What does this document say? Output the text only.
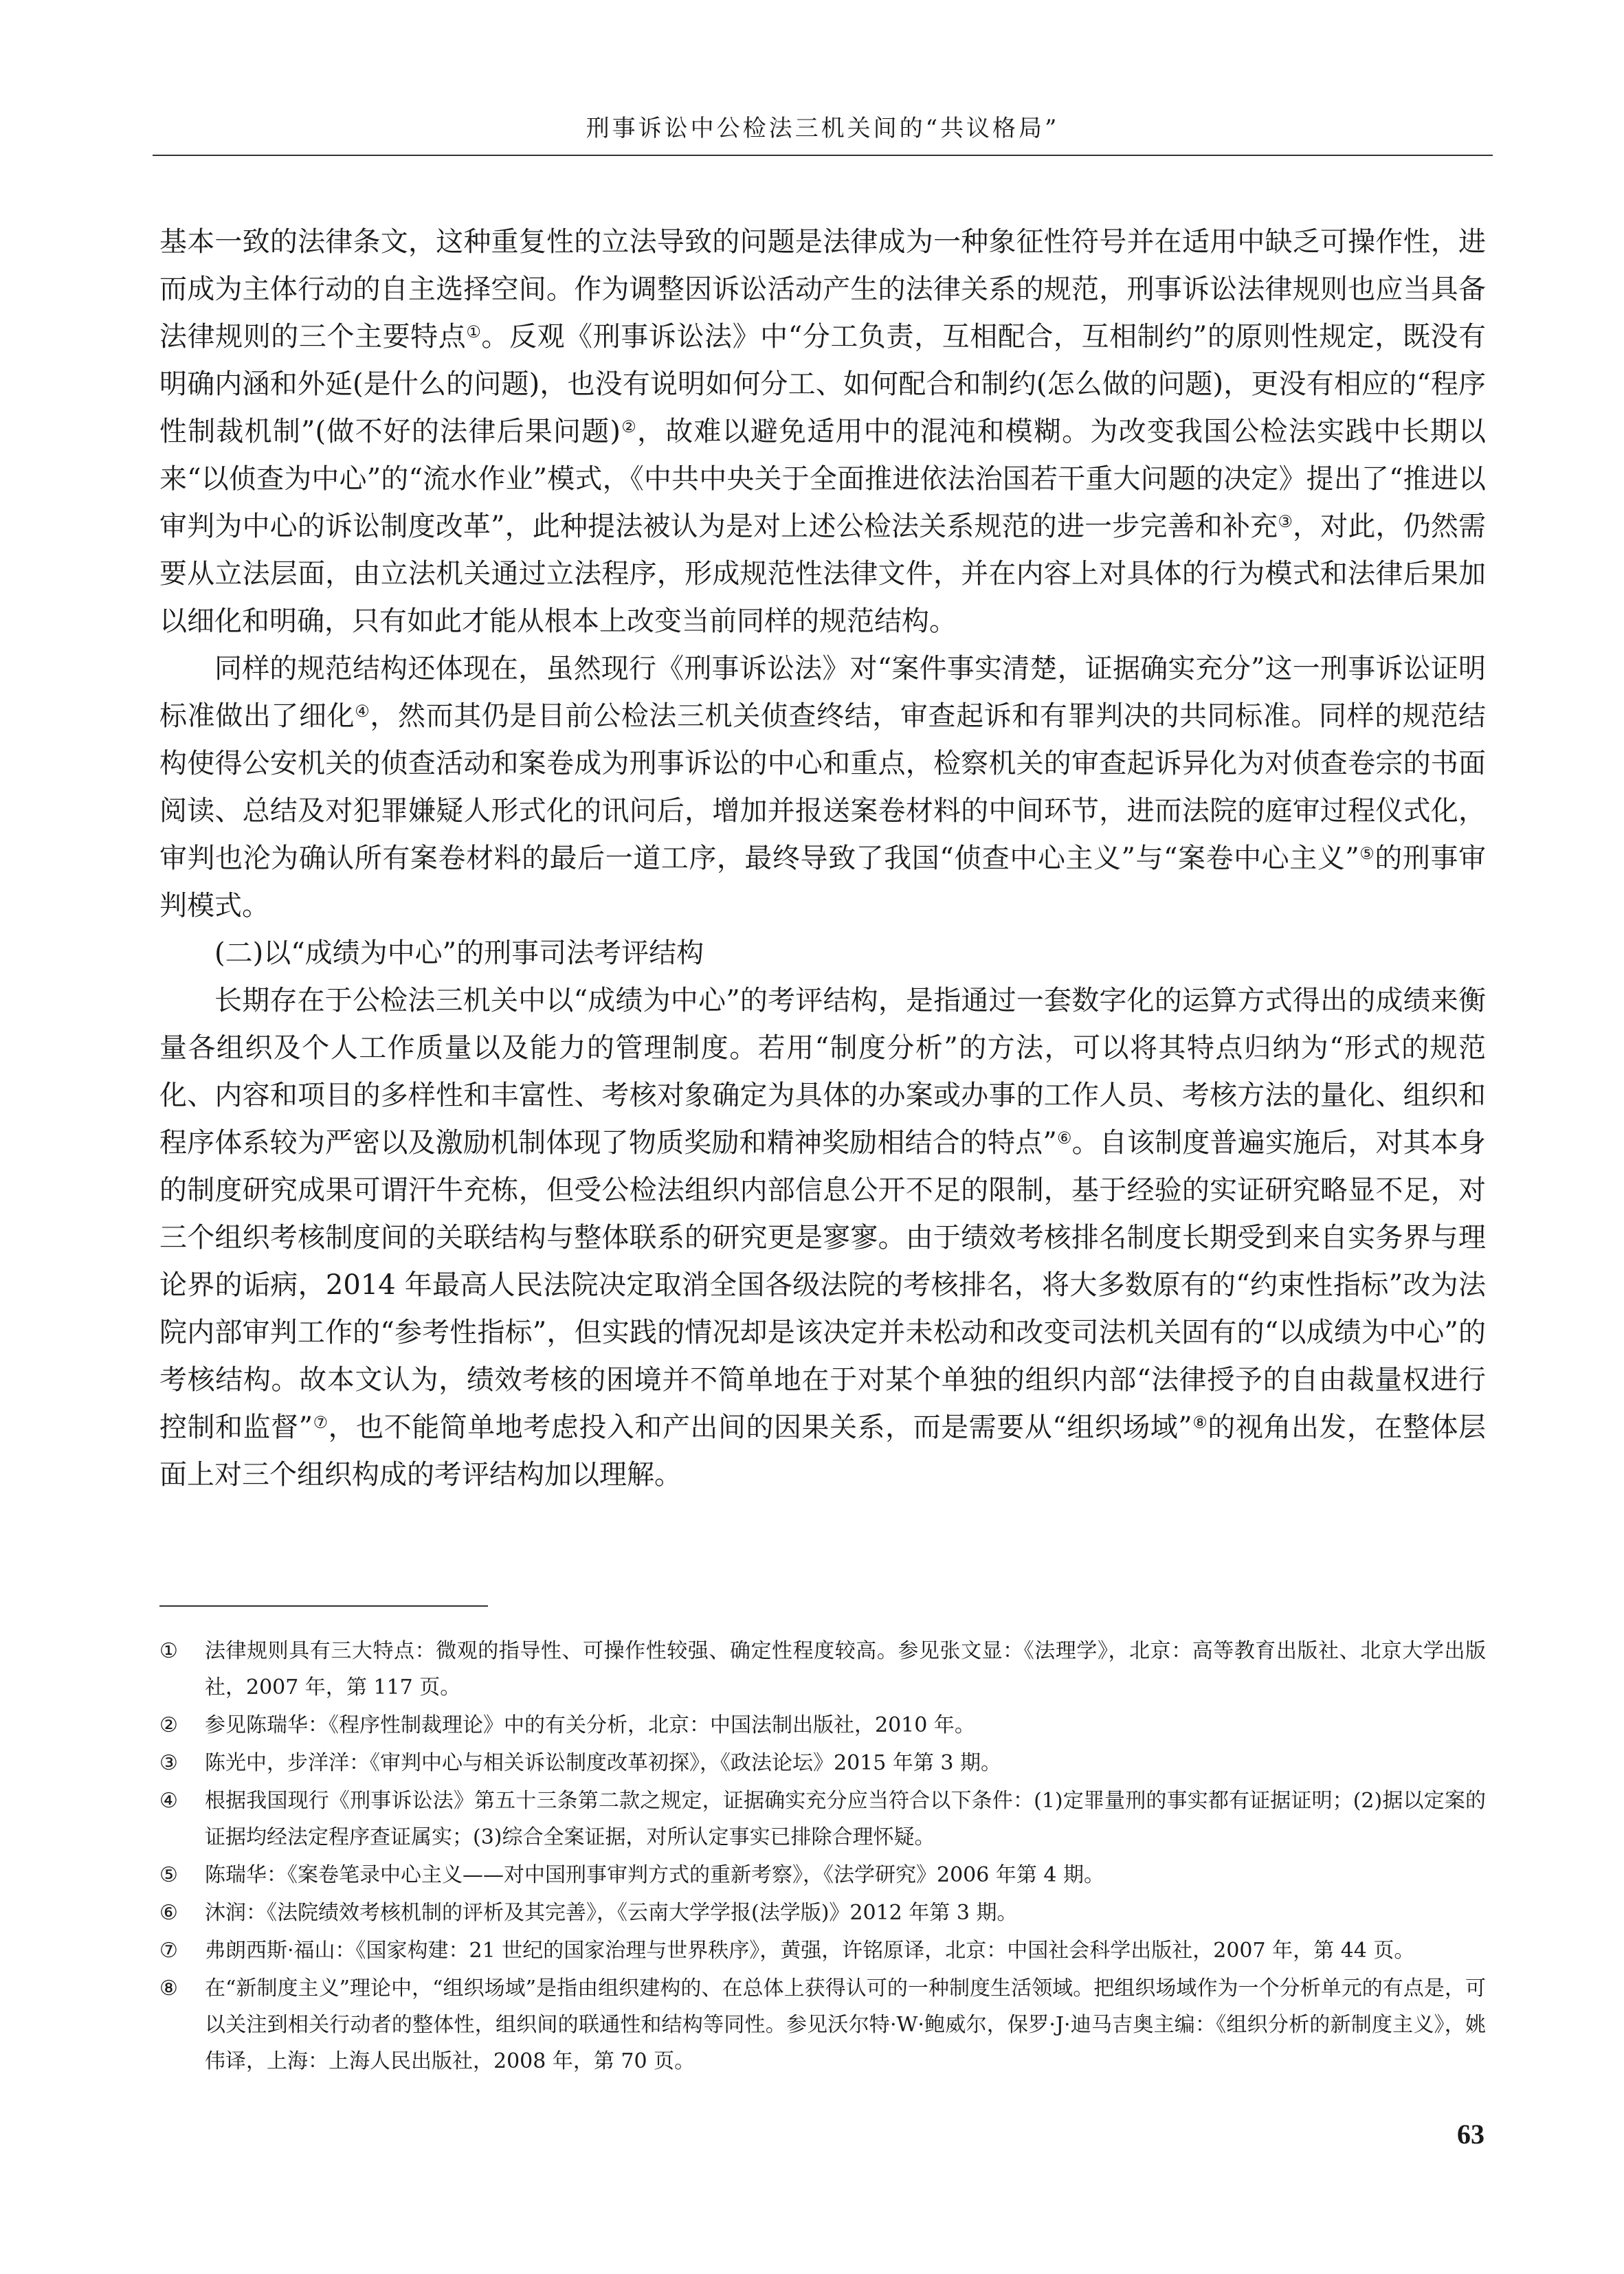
刑事诉讼中公检法三机关间的“共议格局”

基本一致的法律条文，这种重复性的立法导致的问题是法律成为一种象征性符号并在适用中缺乏可操作性，进而成为主体行动的自主选择空间。作为调整因诉讼活动产生的法律关系的规范，刑事诉讼法律规则也应当具备法律规则的三个主要特点①。反观《刑事诉讼法》中“分工负责，互相配合，互相制约”的原则性规定，既没有明确内涵和外延(是什么的问题)，也没有说明如何分工、如何配合和制约(怎么做的问题)，更没有相应的“程序性制裁机制”(做不好的法律后果问题)②，故难以避免适用中的混沌和模糊。为改变我国公检法实践中长期以来“以侦查为中心”的“流水作业”模式，《中共中央关于全面推进依法治国若干重大问题的决定》提出了“推进以审判为中心的诉讼制度改革”，此种提法被认为是对上述公检法关系规范的进一步完善和补充③，对此，仍然需要从立法层面，由立法机关通过立法程序，形成规范性法律文件，并在内容上对具体的行为模式和法律后果加以细化和明确，只有如此才能从根本上改变当前同样的规范结构。

同样的规范结构还体现在，虽然现行《刑事诉讼法》对“案件事实清楚，证据确实充分”这一刑事诉讼证明标准做出了细化④，然而其仍是目前公检法三机关侦查终结，审查起诉和有罪判决的共同标准。同样的规范结构使得公安机关的侦查活动和案卷成为刑事诉讼的中心和重点，检察机关的审查起诉异化为对侦查卷宗的书面阅读、总结及对犯罪嫌疑人形式化的讯问后，增加并报送案卷材料的中间环节，进而法院的庭审过程仪式化，审判也沦为确认所有案卷材料的最后一道工序，最终导致了我国“侦查中心主义”与“案卷中心主义”⑤的刑事审判模式。

(二)以“成绩为中心”的刑事司法考评结构

长期存在于公检法三机关中以“成绩为中心”的考评结构，是指通过一套数字化的运算方式得出的成绩来衡量各组织及个人工作质量以及能力的管理制度。若用“制度分析”的方法，可以将其特点归纳为“形式的规范化、内容和项目的多样性和丰富性、考核对象确定为具体的办案或办事的工作人员、考核方法的量化、组织和程序体系较为严密以及激励机制体现了物质奖励和精神奖励相结合的特点”⑥。自该制度普遍实施后，对其本身的制度研究成果可谓汗牛充栋，但受公检法组织内部信息公开不足的限制，基于经验的实证研究略显不足，对三个组织考核制度间的关联结构与整体联系的研究更是寥寥。由于绩效考核排名制度长期受到来自实务界与理论界的诟病，2014 年最高人民法院决定取消全国各级法院的考核排名，将大多数原有的“约束性指标”改为法院内部审判工作的“参考性指标”，但实践的情况却是该决定并未松动和改变司法机关固有的“以成绩为中心”的考核结构。故本文认为，绩效考核的困境并不简单地在于对某个单独的组织内部“法律授予的自由裁量权进行控制和监督”⑦，也不能简单地考虑投入和产出间的因果关系，而是需要从“组织场域”⑧的视角出发，在整体层面上对三个组织构成的考评结构加以理解。

①	法律规则具有三大特点：微观的指导性、可操作性较强、确定性程度较高。参见张文显：《法理学》，北京：高等教育出版社、北京大学出版社，2007 年，第 117 页。
②	参见陈瑞华：《程序性制裁理论》中的有关分析，北京：中国法制出版社，2010 年。
③	陈光中，步洋洋：《审判中心与相关诉讼制度改革初探》，《政法论坛》2015 年第 3 期。
④	根据我国现行《刑事诉讼法》第五十三条第二款之规定，证据确实充分应当符合以下条件：(1)定罪量刑的事实都有证据证明；(2)据以定案的证据均经法定程序查证属实；(3)综合全案证据，对所认定事实已排除合理怀疑。
⑤	陈瑞华：《案卷笔录中心主义——对中国刑事审判方式的重新考察》，《法学研究》2006 年第 4 期。
⑥	沐润：《法院绩效考核机制的评析及其完善》，《云南大学学报(法学版)》2012 年第 3 期。
⑦	弗朗西斯·福山：《国家构建：21 世纪的国家治理与世界秩序》，黄强，许铭原译，北京：中国社会科学出版社，2007 年，第 44 页。
⑧	在“新制度主义”理论中，“组织场域”是指由组织建构的、在总体上获得认可的一种制度生活领域。把组织场域作为一个分析单元的有点是，可以关注到相关行动者的整体性，组织间的联通性和结构等同性。参见沃尔特·W·鲍威尔，保罗·J·迪马吉奥主编：《组织分析的新制度主义》，姚伟译，上海：上海人民出版社，2008 年，第 70 页。
63
